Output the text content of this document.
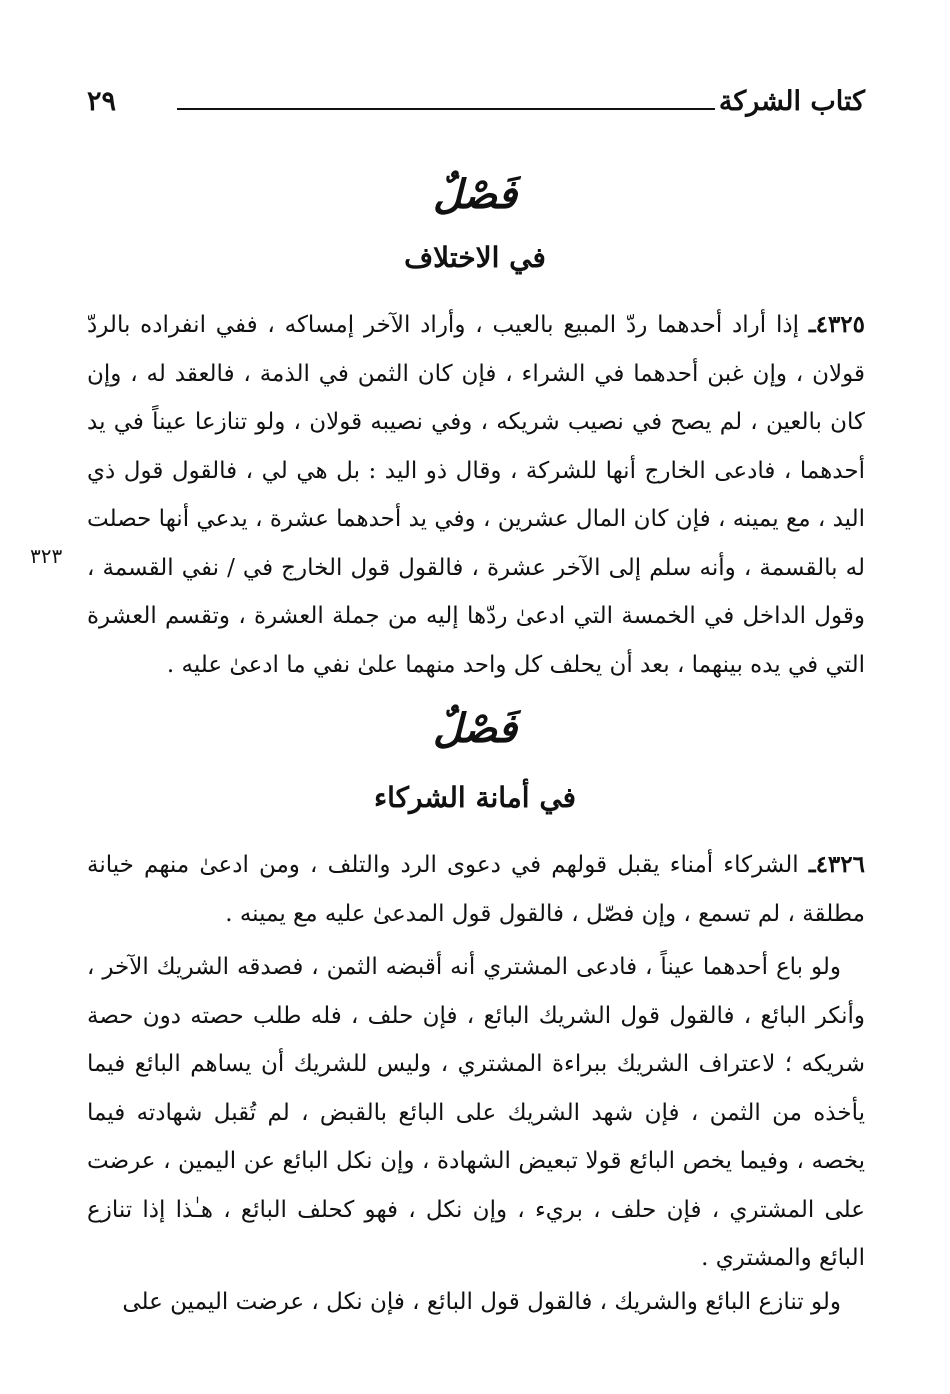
كتاب الشركة
٢٩
فَصْلٌ
في الاختلاف
٤٣٢٥ـ إذا أراد أحدهما ردّ المبيع بالعيب ، وأراد الآخر إمساكه ، ففي انفراده بالردّ قولان ، وإن غبن أحدهما في الشراء ، فإن كان الثمن في الذمة ، فالعقد له ، وإن كان بالعين ، لم يصح في نصيب شريكه ، وفي نصيبه قولان ، ولو تنازعا عيناً في يد أحدهما ، فادعى الخارج أنها للشركة ، وقال ذو اليد : بل هي لي ، فالقول قول ذي اليد ، مع يمينه ، فإن كان المال عشرين ، وفي يد أحدهما عشرة ، يدعي أنها حصلت له بالقسمة ، وأنه سلم إلى الآخر عشرة ، فالقول قول الخارج في / نفي القسمة ، وقول الداخل في الخمسة التي ادعىٰ ردّها إليه من جملة العشرة ، وتقسم العشرة التي في يده بينهما ، بعد أن يحلف كل واحد منهما علىٰ نفي ما ادعىٰ عليه .
٣٢٣
فَصْلٌ
في أمانة الشركاء
٤٣٢٦ـ الشركاء أمناء يقبل قولهم في دعوى الرد والتلف ، ومن ادعىٰ منهم خيانة مطلقة ، لم تسمع ، وإن فصّل ، فالقول قول المدعىٰ عليه مع يمينه .
ولو باع أحدهما عيناً ، فادعى المشتري أنه أقبضه الثمن ، فصدقه الشريك الآخر ، وأنكر البائع ، فالقول قول الشريك البائع ، فإن حلف ، فله طلب حصته دون حصة شريكه ؛ لاعتراف الشريك ببراءة المشتري ، وليس للشريك أن يساهم البائع فيما يأخذه من الثمن ، فإن شهد الشريك على البائع بالقبض ، لم تُقبل شهادته فيما يخصه ، وفيما يخص البائع قولا تبعيض الشهادة ، وإن نكل البائع عن اليمين ، عرضت على المشتري ، فإن حلف ، بريء ، وإن نكل ، فهو كحلف البائع ، هـٰذا إذا تنازع البائع والمشتري .
ولو تنازع البائع والشريك ، فالقول قول البائع ، فإن نكل ، عرضت اليمين على
